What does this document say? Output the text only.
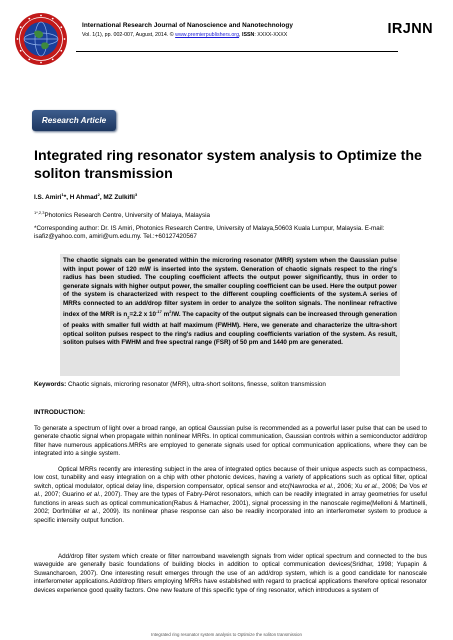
International Research Journal of Nanoscience and Nanotechnology
Vol. 1(1), pp. 002-007, August, 2014. © www.premierpublishers.org, ISSN: XXXX-XXXX	IRJNN
Research Article
Integrated ring resonator system analysis to Optimize the soliton transmission
I.S. Amiri$^1$*, H Ahmad$^2$, MZ Zulkifli$^3$
$^{1*,2,3}$Photonics Research Centre, University of Malaya, Malaysia
*Corresponding author: Dr. IS Amiri, Photonics Research Centre, University of Malaya,50603 Kuala Lumpur, Malaysia. E-mail: isafiz@yahoo.com, amiri@um.edu.my. Tel.:+60127420567
The chaotic signals can be generated within the microring resonator (MRR) system when the Gaussian pulse with input power of 120 mW is inserted into the system. Generation of chaotic signals respect to the ring's radius has been studied. The coupling coefficient affects the output power significantly, thus in order to generate signals with higher output power, the smaller coupling coefficient can be used. Here the output power of the system is characterized with respect to the different coupling coefficients of the system.A series of MRRs connected to an add/drop filter system in order to analyze the soliton signals. The nonlinear refractive index of the MRR is $n_2=2.2$ x $10^{-17}$ $m^2/W$. The capacity of the output signals can be increased through generation of peaks with smaller full width at half maximum (FWHM). Here, we generate and characterize the ultra-short optical soliton pulses respect to the ring's radius and coupling coefficients variation of the system. As result, soliton pulses with FWHM and free spectral range (FSR) of 50 pm and 1440 pm are generated.
Keywords: Chaotic signals, microring resonator (MRR), ultra-short solitons, finesse, soliton transmission
INTRODUCTION:
To generate a spectrum of light over a broad range, an optical Gaussian pulse is recommended as a powerful laser pulse that can be used to generate chaotic signal when propagate within nonlinear MRRs. In optical communication, Gaussian controls within a semiconductor add/drop filter have numerous applications.MRRs are employed to generate signals used for optical communication applications, where they can be integrated into a single system.
Optical MRRs recently are interesting subject in the area of integrated optics because of their unique aspects such as compactness, low cost, tunability and easy integration on a chip with other photonic devices, having a variety of applications such as optical filter, optical switch, optical modulator, optical delay line, dispersion compensator, optical sensor and etc(Nawrocka et al., 2006; Xu et al., 2006; De Vos et al., 2007; Guarino et al., 2007). They are the types of Fabry-Pérot resonators, which can be readily integrated in array geometries for useful functions in areas such as optical communication(Rabus & Hamacher, 2001), signal processing in the nanoscale regime(Melloni & Martinelli, 2002; Dorfmüller et al., 2009). Its nonlinear phase response can also be readily incorporated into an interferometer system to produce a specific intensity output function.
Add/drop filter system which create or filter narrowband wavelength signals from wider optical spectrum and connected to the bus waveguide are generally basic foundations of building blocks in addition to optical communication devices(Sridhar, 1998; Yupapin & Suwancharoen, 2007). One interesting result emerges through the use of an add/drop system, which is a good candidate for nanoscale interferometer applications.Add/drop filters employing MRRs have established with regard to practical applications therefore optical resonator devices experience good quality factors. One new feature of this specific type of ring resonator, which introduces a system of
Integrated ring resonator system analysis to Optimize the soliton transmission
